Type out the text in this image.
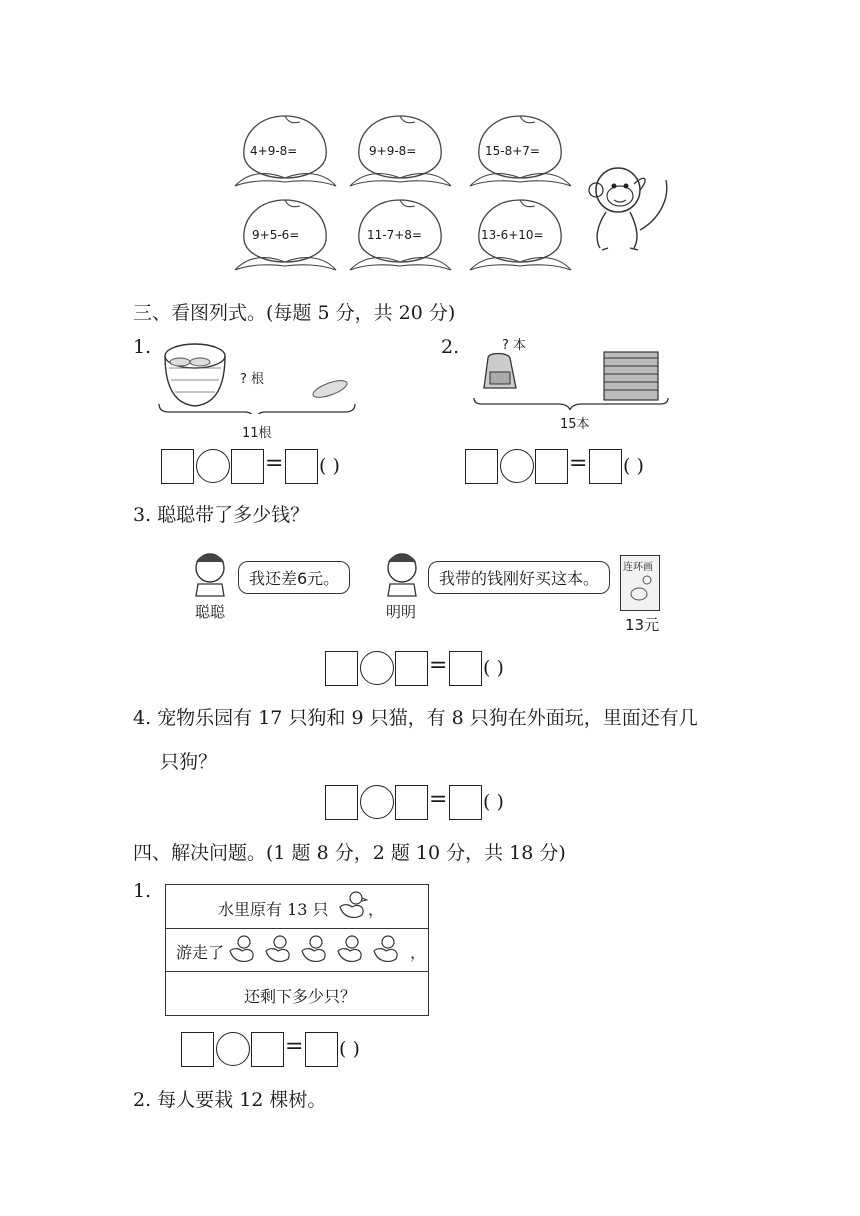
4+9-8=	9+9-8=	15-8+7=
9+5-6=	11-7+8=	13-6+10=
三、看图列式。(每题 5 分，共 20 分)
1.
? 根
11根
= ( )
2.	? 本
15本
= ( )
3. 聪聪带了多少钱？
我还差6元。
聪聪
我带的钱刚好买这本。
明明
连环画
13元
= ( )
4. 宠物乐园有 17 只狗和 9 只猫，有 8 只狗在外面玩，里面还有几
只狗？
= ( )
四、解决问题。(1 题 8 分，2 题 10 分，共 18 分)
1.
水里原有 13 只 ，
游走了	，
还剩下多少只？
= ( )
2. 每人要栽 12 棵树。
